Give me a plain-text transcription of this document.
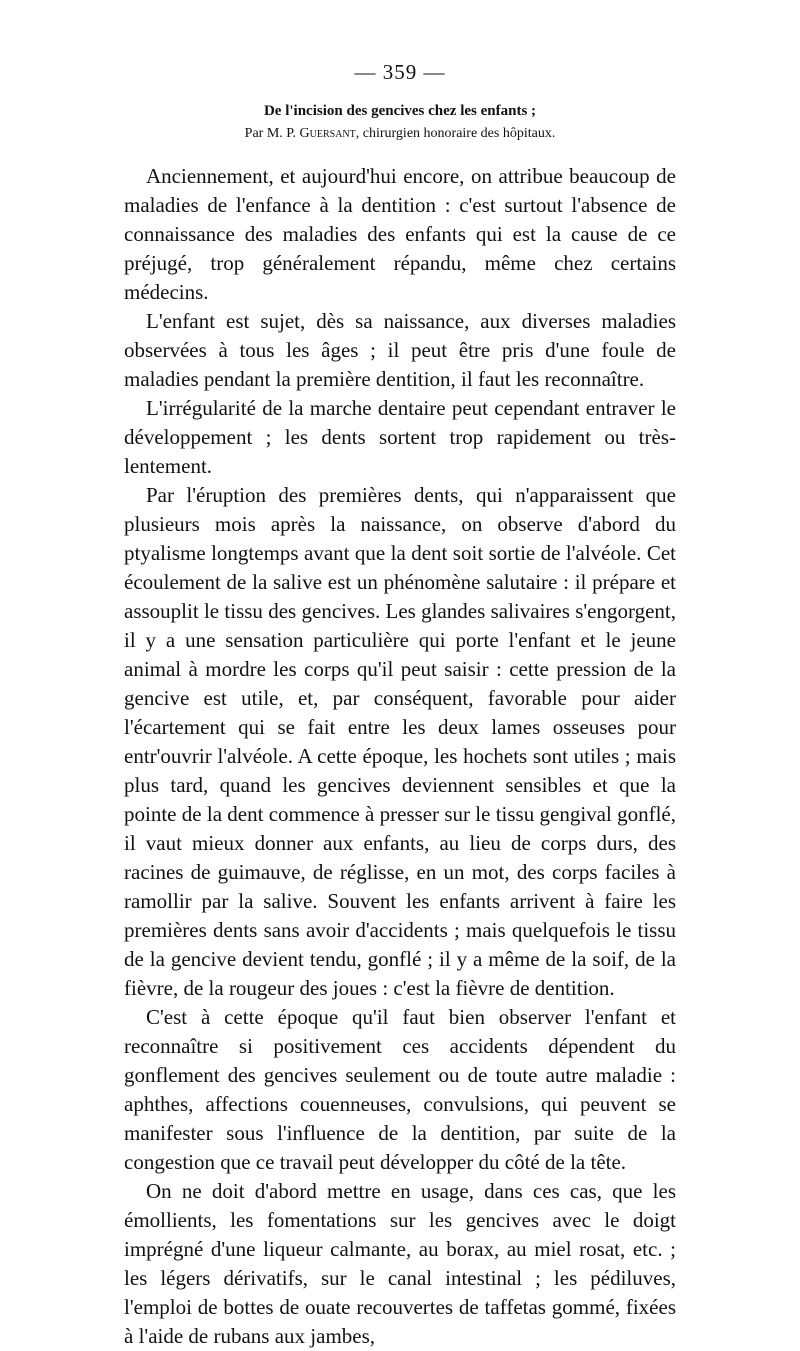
— 359 —
De l'incision des gencives chez les enfants ;
Par M. P. Guersant, chirurgien honoraire des hôpitaux.

Anciennement, et aujourd'hui encore, on attribue beaucoup de maladies de l'enfance à la dentition : c'est surtout l'absence de connaissance des maladies des enfants qui est la cause de ce préjugé, trop généralement répandu, même chez certains médecins.

L'enfant est sujet, dès sa naissance, aux diverses maladies observées à tous les âges ; il peut être pris d'une foule de maladies pendant la première dentition, il faut les reconnaître.

L'irrégularité de la marche dentaire peut cependant entraver le développement ; les dents sortent trop rapidement ou très-lentement.

Par l'éruption des premières dents, qui n'apparaissent que plusieurs mois après la naissance, on observe d'abord du ptyalisme longtemps avant que la dent soit sortie de l'alvéole. Cet écoulement de la salive est un phénomène salutaire : il prépare et assouplit le tissu des gencives. Les glandes salivaires s'engorgent, il y a une sensation particulière qui porte l'enfant et le jeune animal à mordre les corps qu'il peut saisir : cette pression de la gencive est utile, et, par conséquent, favorable pour aider l'écartement qui se fait entre les deux lames osseuses pour entr'ouvrir l'alvéole. A cette époque, les hochets sont utiles ; mais plus tard, quand les gencives deviennent sensibles et que la pointe de la dent commence à presser sur le tissu gengival gonflé, il vaut mieux donner aux enfants, au lieu de corps durs, des racines de guimauve, de réglisse, en un mot, des corps faciles à ramollir par la salive. Souvent les enfants arrivent à faire les premières dents sans avoir d'accidents ; mais quelquefois le tissu de la gencive devient tendu, gonflé ; il y a même de la soif, de la fièvre, de la rougeur des joues : c'est la fièvre de dentition.

C'est à cette époque qu'il faut bien observer l'enfant et reconnaître si positivement ces accidents dépendent du gonflement des gencives seulement ou de toute autre maladie : aphthes, affections couenneuses, convulsions, qui peuvent se manifester sous l'influence de la dentition, par suite de la congestion que ce travail peut développer du côté de la tête.

On ne doit d'abord mettre en usage, dans ces cas, que les émollients, les fomentations sur les gencives avec le doigt imprégné d'une liqueur calmante, au borax, au miel rosat, etc. ; les légers dérivatifs, sur le canal intestinal ; les pédiluves, l'emploi de bottes de ouate recouvertes de taffetas gommé, fixées à l'aide de rubans aux jambes,
